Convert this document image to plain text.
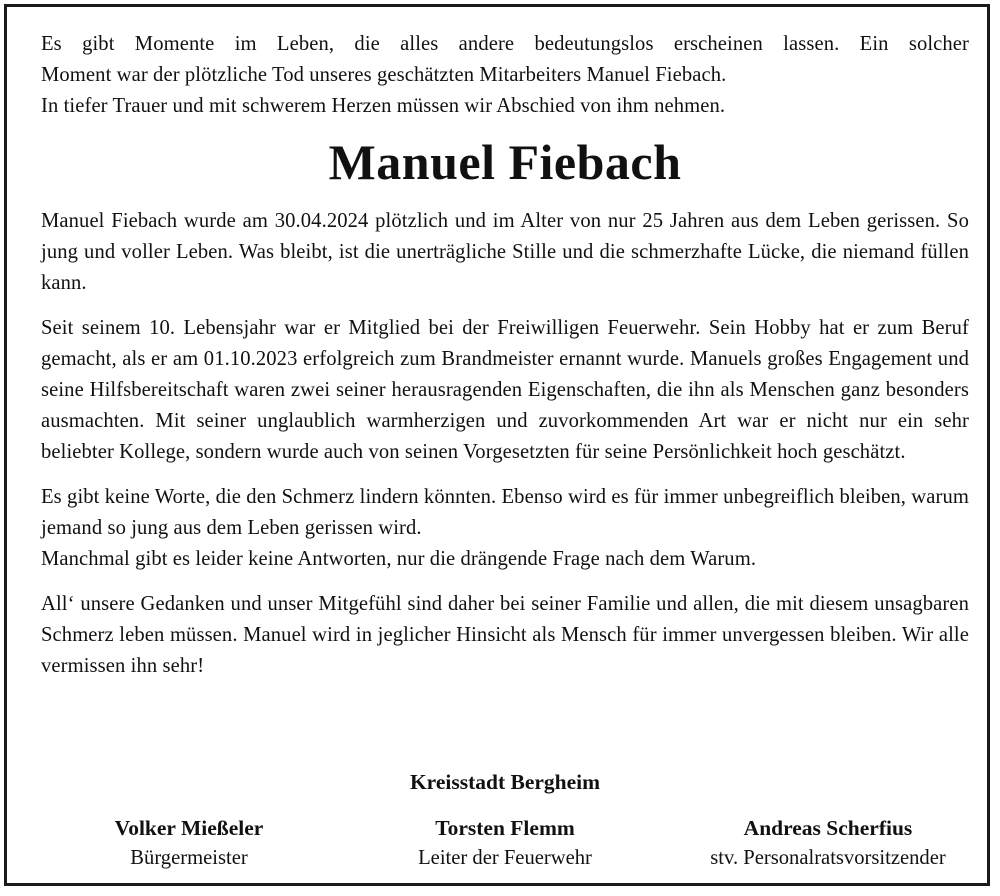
Es gibt Momente im Leben, die alles andere bedeutungslos erscheinen lassen. Ein solcher

Moment war der plötzliche Tod unseres geschätzten Mitarbeiters Manuel Fiebach.

In tiefer Trauer und mit schwerem Herzen müssen wir Abschied von ihm nehmen.

Manuel Fiebach

Manuel Fiebach wurde am 30.04.2024 plötzlich und im Alter von nur 25 Jahren aus dem Leben gerissen. So jung und voller Leben. Was bleibt, ist die unerträgliche Stille und die schmerzhafte Lücke, die niemand füllen kann.

Seit seinem 10. Lebensjahr war er Mitglied bei der Freiwilligen Feuerwehr. Sein Hobby hat er zum Beruf gemacht, als er am 01.10.2023 erfolgreich zum Brandmeister ernannt wurde. Manuels großes Engagement und seine Hilfsbereitschaft waren zwei seiner herausragenden Eigenschaften, die ihn als Menschen ganz besonders ausmachten. Mit seiner unglaublich warmherzigen und zuvorkommenden Art war er nicht nur ein sehr beliebter Kollege, sondern wurde auch von seinen Vorgesetzten für seine Persönlichkeit hoch geschätzt.

Es gibt keine Worte, die den Schmerz lindern könnten. Ebenso wird es für immer unbegreiflich bleiben, warum jemand so jung aus dem Leben gerissen wird.

Manchmal gibt es leider keine Antworten, nur die drängende Frage nach dem Warum.

All‘ unsere Gedanken und unser Mitgefühl sind daher bei seiner Familie und allen, die mit diesem unsagbaren Schmerz leben müssen. Manuel wird in jeglicher Hinsicht als Mensch für immer unvergessen bleiben. Wir alle vermissen ihn sehr!

Kreisstadt Bergheim
Volker Mießeler
Bürgermeister
Torsten Flemm
Leiter der Feuerwehr
Andreas Scherfius
stv. Personalratsvorsitzender
